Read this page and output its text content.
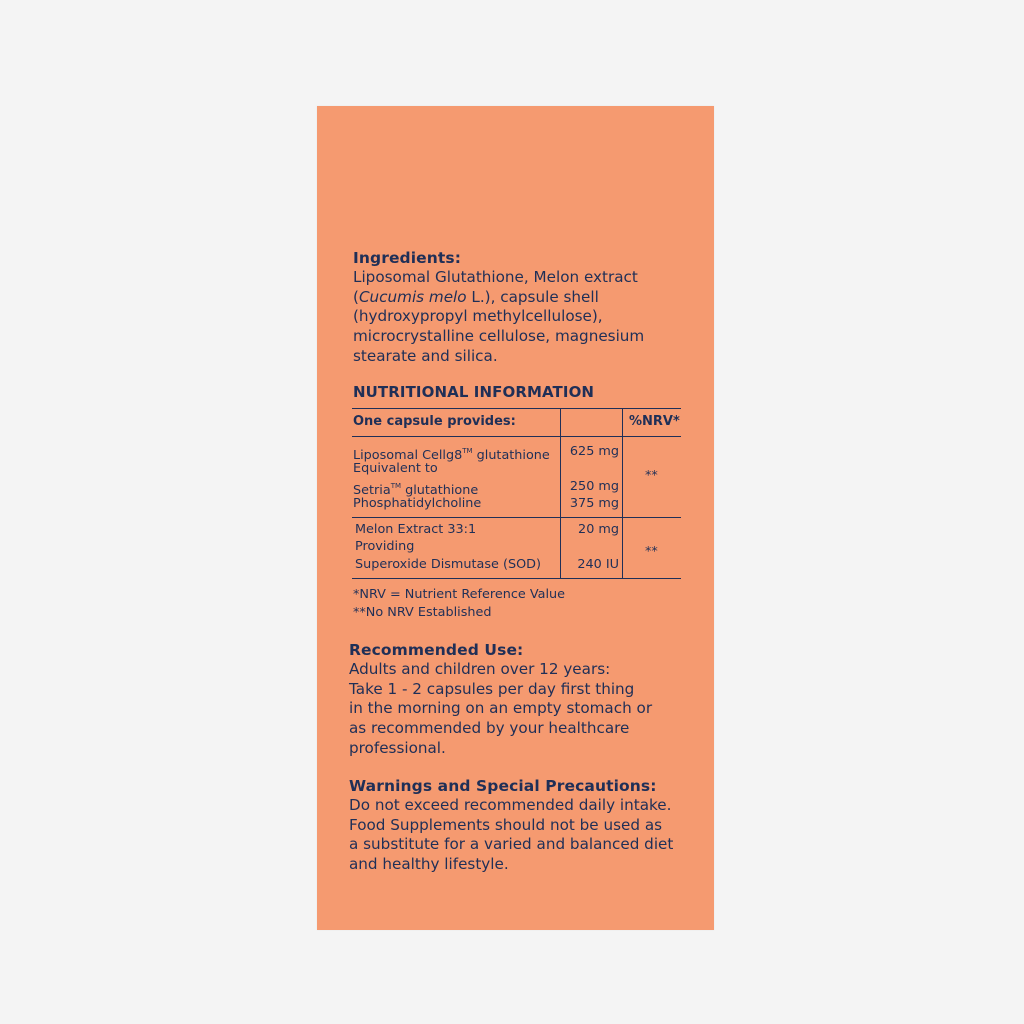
Ingredients:
Liposomal Glutathione, Melon extract
(Cucumis melo L.), capsule shell
(hydroxypropyl methylcellulose),
microcrystalline cellulose, magnesium
stearate and silica.
NUTRITIONAL INFORMATION
One capsule provides:	%NRV*
Liposomal Cellg8™ glutathione
Equivalent to
Setria™ glutathione
Phosphatidylcholine
625 mg
250 mg
375 mg
**
Melon Extract 33:1
Providing
Superoxide Dismutase (SOD)
20 mg
240 IU
**
*NRV = Nutrient Reference Value
**No NRV Established
Recommended Use:
Adults and children over 12 years:
Take 1 - 2 capsules per day first thing
in the morning on an empty stomach or
as recommended by your healthcare
professional.
Warnings and Special Precautions:
Do not exceed recommended daily intake.
Food Supplements should not be used as
a substitute for a varied and balanced diet
and healthy lifestyle.
